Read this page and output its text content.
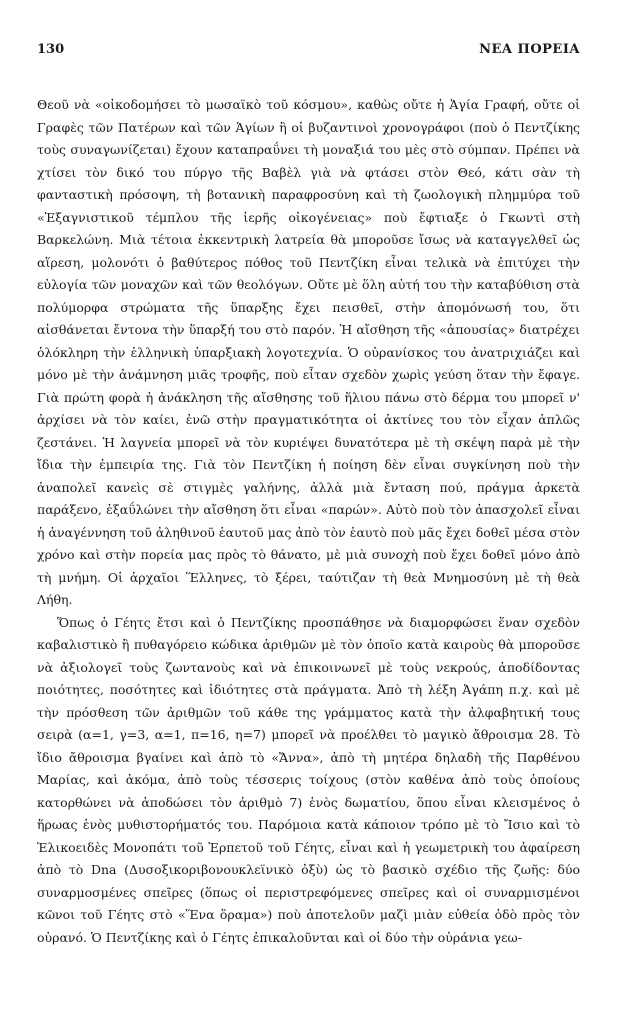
130	ΝΕΑ ΠΟΡΕΙΑ

Θεοῦ νὰ «οἰκοδομήσει τὸ μωσαϊκὸ τοῦ κόσμου», καθὼς οὔτε ἡ Ἁγία Γραφή, οὔτε οἱ Γραφὲς τῶν Πατέρων καὶ τῶν Ἁγίων ἢ οἱ βυζαντινοὶ χρονογράφοι (ποὺ ὁ Πεντζίκης τοὺς συναγωνίζεται) ἔχουν καταπραΰνει τὴ μοναξιά του μὲς στὸ σύμπαν. Πρέπει νὰ χτίσει τὸν δικό του πύργο τῆς Βαβὲλ γιὰ νὰ φτάσει στὸν Θεό, κάτι σὰν τὴ φανταστικὴ πρόσοψη, τὴ βοτανικὴ παραφροσύνη καὶ τὴ ζωολογικὴ πλημμύρα τοῦ «Ἐξαγνιστικοῦ τέμπλου τῆς ἱερῆς οἰκογένειας» ποὺ ἔφτιαξε ὁ Γκωντὶ στὴ Βαρκελώνη. Μιὰ τέτοια ἐκκεντρικὴ λατρεία θὰ μποροῦσε ἴσως νὰ καταγγελθεῖ ὡς αἵρεση, μολονότι ὁ βαθύτερος πόθος τοῦ Πεντζίκη εἶναι τελικὰ νὰ ἐπιτύχει τὴν εὐλογία τῶν μοναχῶν καὶ τῶν θεολόγων. Οὔτε μὲ ὅλη αὐτή του τὴν καταβύθιση στὰ πολύμορφα στρώματα τῆς ὕπαρξης ἔχει πεισθεῖ, στὴν ἀπομόνωσή του, ὅτι αἰσθάνεται ἔντονα τὴν ὕπαρξή του στὸ παρόν. Ἡ αἴσθηση τῆς «ἀπουσίας» διατρέχει ὁλόκληρη τὴν ἑλληνικὴ ὑπαρξιακὴ λογοτεχνία. Ὁ οὐρανίσκος του ἀνατριχιάζει καὶ μόνο μὲ τὴν ἀνάμνηση μιᾶς τροφῆς, ποὺ εἶταν σχεδὸν χωρὶς γεύση ὅταν τὴν ἔφαγε. Γιὰ πρώτη φορὰ ἡ ἀνάκληση τῆς αἴσθησης τοῦ ἥλιου πάνω στὸ δέρμα του μπορεῖ ν' ἀρχίσει νὰ τὸν καίει, ἐνῶ στὴν πραγματικότητα οἱ ἀκτίνες του τὸν εἶχαν ἁπλῶς ζεστάνει. Ἡ λαγνεία μπορεῖ νὰ τὸν κυριέψει δυνατότερα μὲ τὴ σκέψη παρὰ μὲ τὴν ἴδια τὴν ἐμπειρία της. Γιὰ τὸν Πεντζίκη ἡ ποίηση δὲν εἶναι συγκίνηση ποὺ τὴν ἀναπολεῖ κανεὶς σὲ στιγμὲς γαλήνης, ἀλλὰ μιὰ ἔνταση πού, πράγμα ἀρκετὰ παράξενο, ἐξαΰλώνει τὴν αἴσθηση ὅτι εἶναι «παρών». Αὐτὸ ποὺ τὸν ἀπασχολεῖ εἶναι ἡ ἀναγέννηση τοῦ ἀληθινοῦ ἑαυτοῦ μας ἀπὸ τὸν ἑαυτὸ ποὺ μᾶς ἔχει δοθεῖ μέσα στὸν χρόνο καὶ στὴν πορεία μας πρὸς τὸ θάνατο, μὲ μιὰ συνοχὴ ποὺ ἔχει δοθεῖ μόνο ἀπὸ τὴ μνήμη. Οἱ ἀρχαῖοι Ἕλληνες, τὸ ξέρει, ταύτιζαν τὴ θεὰ Μνημοσύνη μὲ τὴ θεὰ Λήθη.

Ὅπως ὁ Γέητς ἔτσι καὶ ὁ Πεντζίκης προσπάθησε νὰ διαμορφώσει ἕναν σχεδὸν καβαλιστικὸ ἢ πυθαγόρειο κώδικα ἀριθμῶν μὲ τὸν ὁποῖο κατὰ καιροὺς θὰ μποροῦσε νὰ ἀξιολογεῖ τοὺς ζωντανοὺς καὶ νὰ ἐπικοινωνεῖ μὲ τοὺς νεκρούς, ἀποδίδοντας ποιότητες, ποσότητες καὶ ἰδιότητες στὰ πράγματα. Ἀπὸ τὴ λέξη Ἀγάπη π.χ. καὶ μὲ τὴν πρόσθεση τῶν ἀριθμῶν τοῦ κάθε της γράμματος κατὰ τὴν ἀλφαβητική τους σειρὰ (α=1, γ=3, α=1, π=16, η=7) μπορεῖ νὰ προέλθει τὸ μαγικὸ ἄθροισμα 28. Τὸ ἴδιο ἄθροισμα βγαίνει καὶ ἀπὸ τὸ «Ἄννα», ἀπὸ τὴ μητέρα δηλαδὴ τῆς Παρθένου Μαρίας, καὶ ἀκόμα, ἀπὸ τοὺς τέσσερις τοίχους (στὸν καθένα ἀπὸ τοὺς ὁποίους κατορθώνει νὰ ἀποδώσει τὸν ἀριθμὸ 7) ἑνὸς δωματίου, ὅπου εἶναι κλεισμένος ὁ ἥρωας ἑνὸς μυθιστορήματός του. Παρόμοια κατὰ κάποιον τρόπο μὲ τὸ Ἴσιο καὶ τὸ Ἑλικοειδὲς Μονοπάτι τοῦ Ἑρπετοῦ τοῦ Γέητς, εἶναι καὶ ἡ γεωμετρικὴ του ἀφαίρεση ἀπὸ τὸ Dna (Δυσοξικοριβονουκλεϊνικὸ ὀξὺ) ὡς τὸ βασικὸ σχέδιο τῆς ζωῆς: δύο συναρμοσμένες σπεῖρες (ὅπως οἱ περιστρεφόμενες σπεῖρες καὶ οἱ συναρμισμένοι κῶνοι τοῦ Γέητς στὸ «Ἕνα ὅραμα») ποὺ ἀποτελοῦν μαζὶ μιὰν εὐθεία ὁδὸ πρὸς τὸν οὐρανό. Ὁ Πεντζίκης καὶ ὁ Γέητς ἐπικαλοῦνται καὶ οἱ δύο τὴν οὐράνια γεω-
